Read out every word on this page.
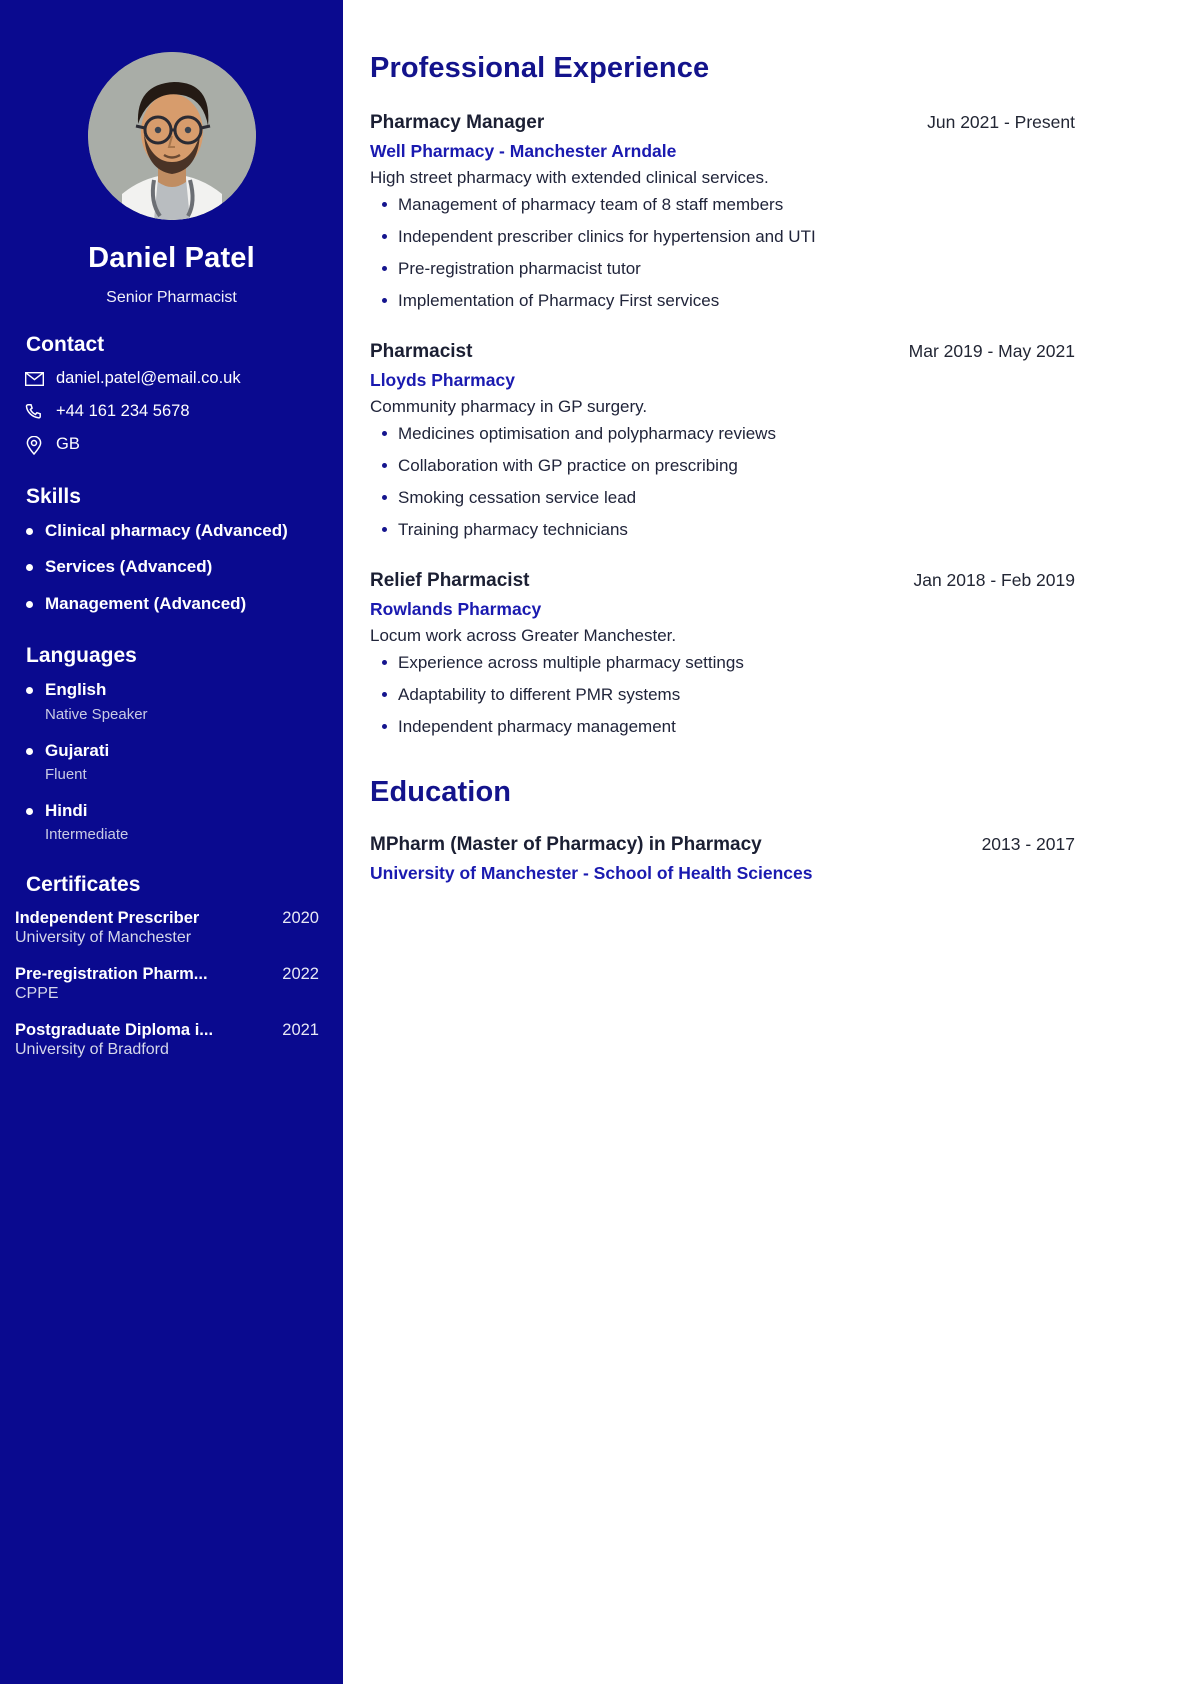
Daniel Patel
Senior Pharmacist
Contact
daniel.patel@email.co.uk
+44 161 234 5678
GB
Skills
Clinical pharmacy (Advanced)
Services (Advanced)
Management (Advanced)
Languages
English
Native Speaker
Gujarati
Fluent
Hindi
Intermediate
Certificates
Independent Prescriber	2020
University of Manchester
Pre-registration Pharm...	2022
CPPE
Postgraduate Diploma i...	2021
University of Bradford
Professional Experience
Pharmacy Manager	Jun 2021 - Present
Well Pharmacy - Manchester Arndale
High street pharmacy with extended clinical services.
Management of pharmacy team of 8 staff members
Independent prescriber clinics for hypertension and UTI
Pre-registration pharmacist tutor
Implementation of Pharmacy First services
Pharmacist	Mar 2019 - May 2021
Lloyds Pharmacy
Community pharmacy in GP surgery.
Medicines optimisation and polypharmacy reviews
Collaboration with GP practice on prescribing
Smoking cessation service lead
Training pharmacy technicians
Relief Pharmacist	Jan 2018 - Feb 2019
Rowlands Pharmacy
Locum work across Greater Manchester.
Experience across multiple pharmacy settings
Adaptability to different PMR systems
Independent pharmacy management
Education
MPharm (Master of Pharmacy) in Pharmacy	2013 - 2017
University of Manchester - School of Health Sciences
